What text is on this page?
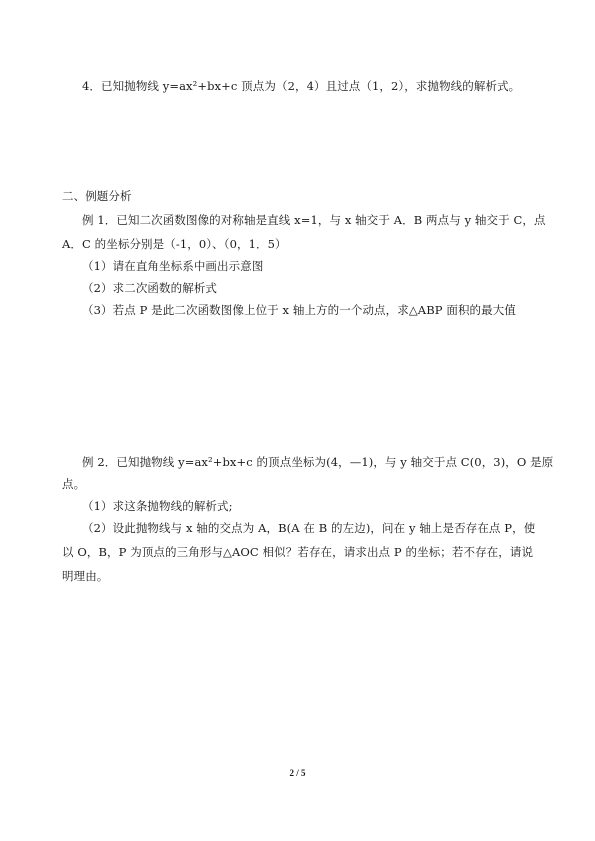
4．已知抛物线 y=ax²+bx+c 顶点为（2，4）且过点（1，2），求抛物线的解析式。
二、例题分析
例 1．已知二次函数图像的对称轴是直线 x=1，与 x 轴交于 A．B 两点与 y 轴交于 C，点
A．C 的坐标分别是（-1，0）、（0，1．5）
（1）请在直角坐标系中画出示意图
（2）求二次函数的解析式
（3）若点 P 是此二次函数图像上位于 x 轴上方的一个动点，求△ABP 面积的最大值
例 2．已知抛物线 y=ax²+bx+c 的顶点坐标为(4，—1)，与 y 轴交于点 C(0，3)，O 是原
点。
（1）求这条抛物线的解析式;
（2）设此抛物线与 x 轴的交点为 A，B(A 在 B 的左边)，问在 y 轴上是否存在点 P，使
以 O，B，P 为顶点的三角形与△AOC 相似？若存在，请求出点 P 的坐标；若不存在，请说
明理由。
2 / 5
